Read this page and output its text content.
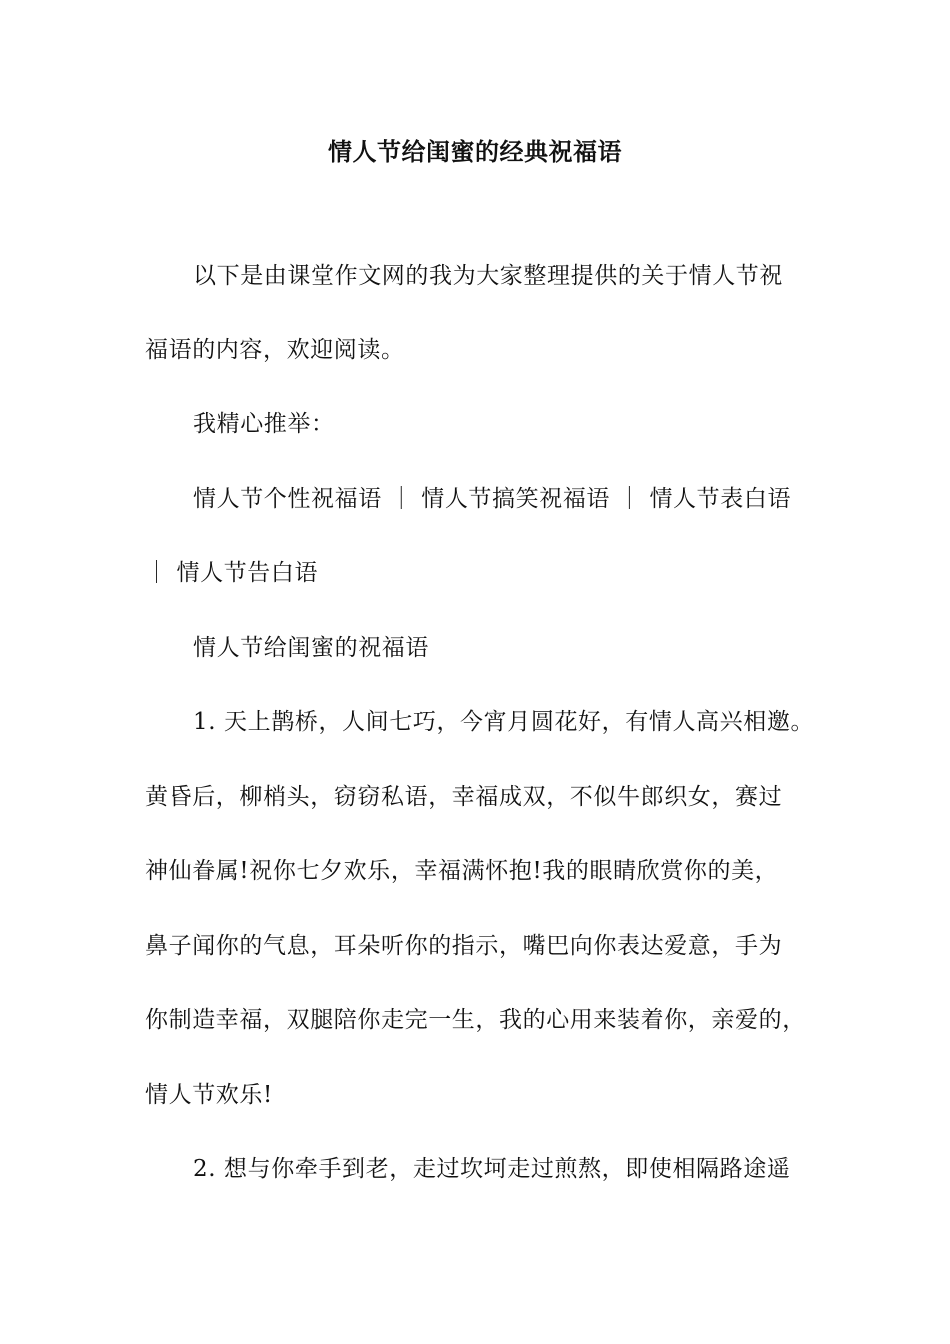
情人节给闺蜜的经典祝福语
以下是由课堂作文网的我为大家整理提供的关于情人节祝
福语的内容，欢迎阅读。
我精心推举：
情人节个性祝福语 ｜ 情人节搞笑祝福语 ｜ 情人节表白语
｜ 情人节告白语
情人节给闺蜜的祝福语
1. 天上鹊桥，人间七巧，今宵月圆花好，有情人高兴相邀。
黄昏后，柳梢头，窃窃私语，幸福成双，不似牛郎织女，赛过
神仙眷属!祝你七夕欢乐，幸福满怀抱!我的眼睛欣赏你的美，
鼻子闻你的气息，耳朵听你的指示，嘴巴向你表达爱意，手为
你制造幸福，双腿陪你走完一生，我的心用来装着你，亲爱的，
情人节欢乐!
2. 想与你牵手到老，走过坎坷走过煎熬，即使相隔路途遥
